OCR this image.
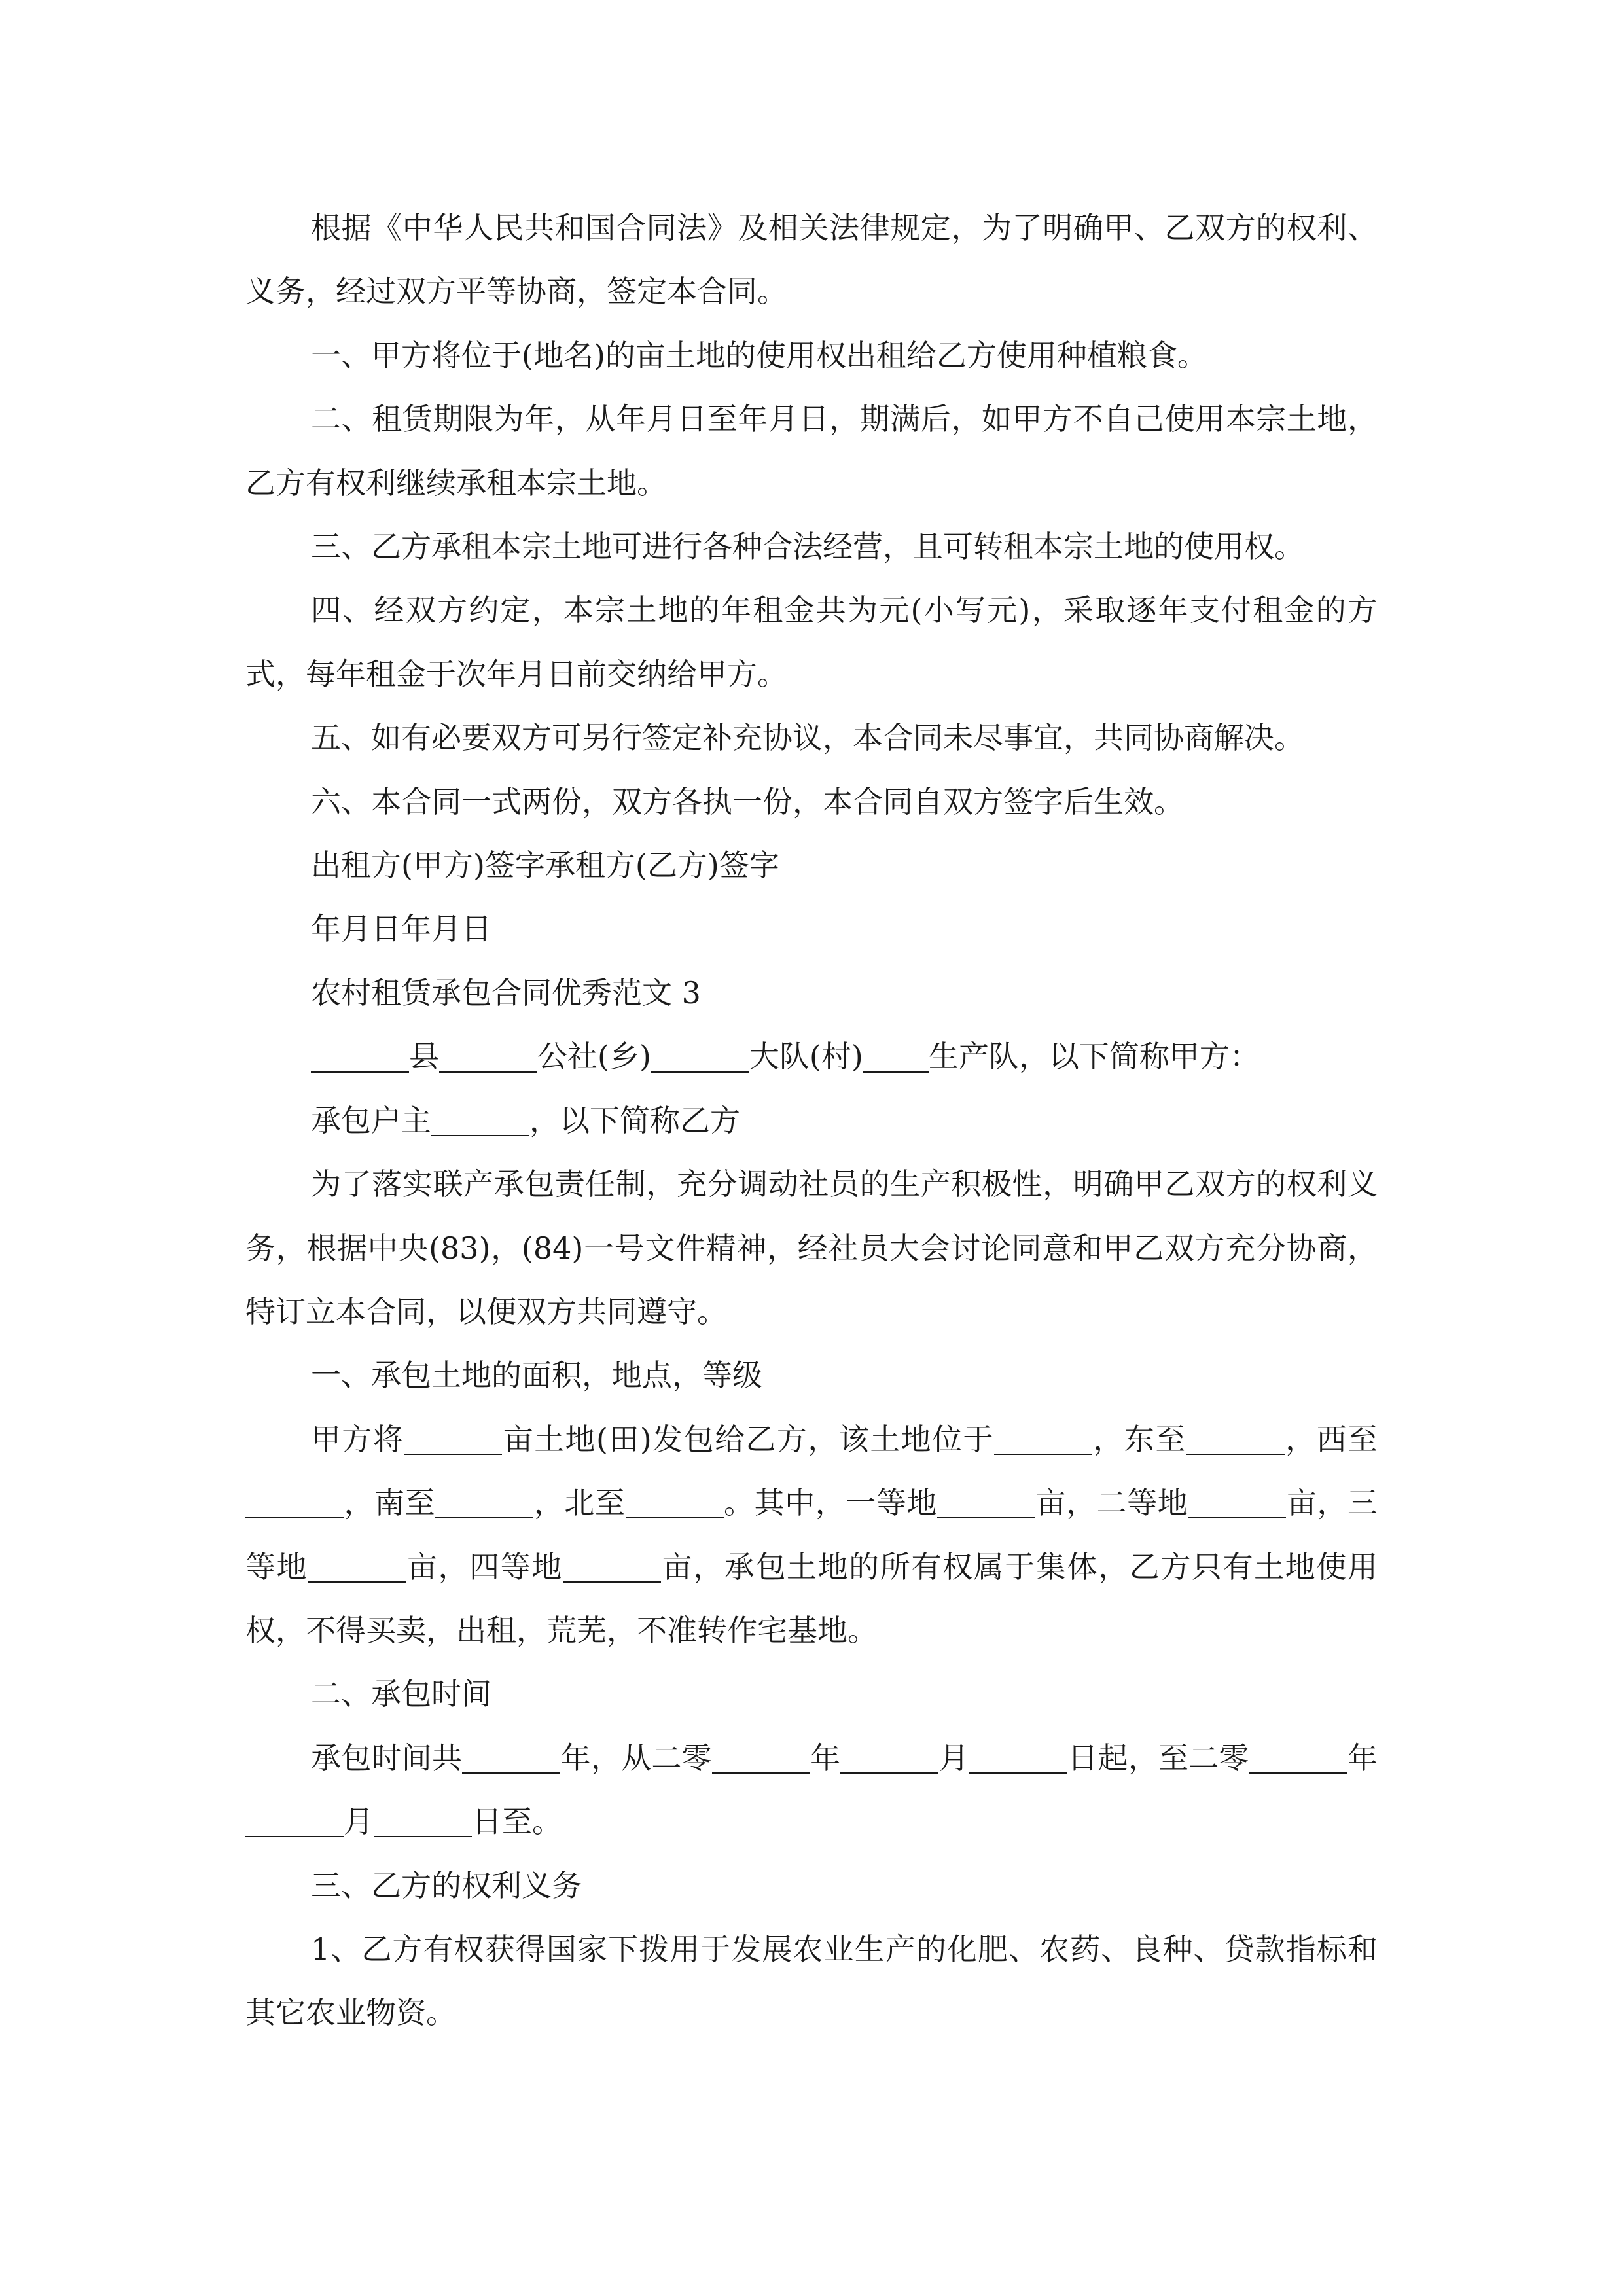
根据《中华人民共和国合同法》及相关法律规定，为了明确甲、乙双方的权利、义务，经过双方平等协商，签定本合同。

一、甲方将位于(地名)的亩土地的使用权出租给乙方使用种植粮食。

二、租赁期限为年，从年月日至年月日，期满后，如甲方不自己使用本宗土地，乙方有权利继续承租本宗土地。

三、乙方承租本宗土地可进行各种合法经营，且可转租本宗土地的使用权。

四、经双方约定，本宗土地的年租金共为元(小写元)，采取逐年支付租金的方式，每年租金于次年月日前交纳给甲方。

五、如有必要双方可另行签定补充协议，本合同未尽事宜，共同协商解决。

六、本合同一式两份，双方各执一份，本合同自双方签字后生效。

出租方(甲方)签字承租方(乙方)签字

年月日年月日

农村租赁承包合同优秀范文 3

县	公社(乡)	大队(村) 生产队，以下简称甲方：

承包户主	，以下简称乙方

为了落实联产承包责任制，充分调动社员的生产积极性，明确甲乙双方的权利义务，根据中央(83)，(84)一号文件精神，经社员大会讨论同意和甲乙双方充分协商，特订立本合同，以便双方共同遵守。

一、承包土地的面积，地点，等级

甲方将	亩土地(田)发包给乙方，该土地位于	，东至	，西至，南至	，北至	。其中，一等地	亩，二等地	亩，三等地	亩，四等地	亩，承包土地的所有权属于集体，乙方只有土地使用权，不得买卖，出租，荒芜，不准转作宅基地。

二、承包时间

承包时间共	年，从二零	年	月	日起，至二零	年月	日至。

三、乙方的权利义务

1、乙方有权获得国家下拨用于发展农业生产的化肥、农药、良种、贷款指标和其它农业物资。
